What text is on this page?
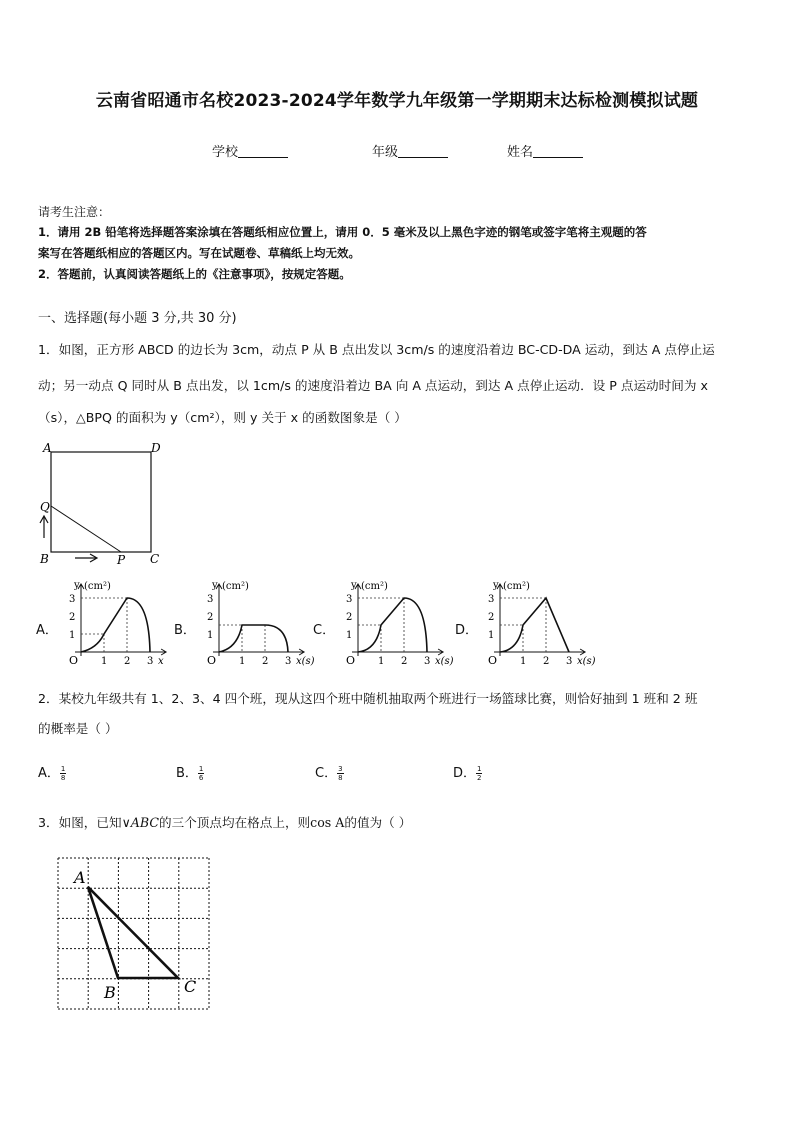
云南省昭通市名校2023-2024学年数学九年级第一学期期末达标检测模拟试题
学校	年级	姓名
请考生注意：
1．请用 2B 铅笔将选择题答案涂填在答题纸相应位置上，请用 0．5 毫米及以上黑色字迹的钢笔或签字笔将主观题的答
案写在答题纸相应的答题区内。写在试题卷、草稿纸上均无效。
2．答题前，认真阅读答题纸上的《注意事项》，按规定答题。
一、选择题(每小题 3 分,共 30 分)
1．如图，正方形 ABCD 的边长为 3cm，动点 P 从 B 点出发以 3cm/s 的速度沿着边 BC-CD-DA 运动，到达 A 点停止运
动；另一动点 Q 同时从 B 点出发，以 1cm/s 的速度沿着边 BA 向 A 点运动，到达 A 点停止运动．设 P 点运动时间为 x
（s），△BPQ 的面积为 y（cm²），则 y 关于 x 的函数图象是（ ）
A	D
Q
B	P C
A．
y (cm²)
3
2
1
O 1 2 3 x
B．
y (cm²)
3
2
1
O 1 2 3 x(s)
C．
y (cm²)
3
2
1
O 1 2 3 x(s)
D．
y (cm²)
3
2
1
O 1 2 3 x(s)
2．某校九年级共有 1、2、3、4 四个班，现从这四个班中随机抽取两个班进行一场篮球比赛，则恰好抽到 1 班和 2 班
的概率是（ ）
A． $\frac{1}{8}$	B． $\frac{1}{6}$	C． $\frac{3}{8}$	D． $\frac{1}{2}$
3．如图，已知∨ABC的三个顶点均在格点上，则cos A的值为（ ）
A
B	C
